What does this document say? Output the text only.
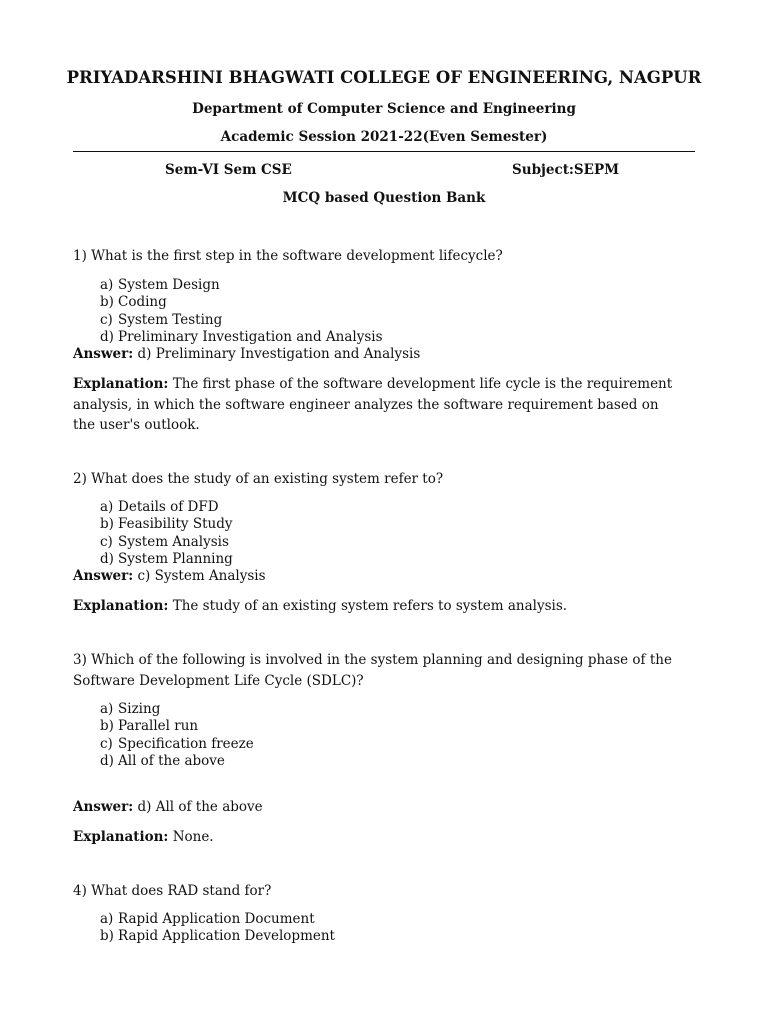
PRIYADARSHINI BHAGWATI COLLEGE OF ENGINEERING, NAGPUR
Department of Computer Science and Engineering
Academic Session 2021-22(Even Semester)
Sem-VI Sem CSE	Subject:SEPM
MCQ based Question Bank
1) What is the first step in the software development lifecycle?
a) System Design
b) Coding
c) System Testing
d) Preliminary Investigation and Analysis
Answer: d) Preliminary Investigation and Analysis
Explanation: The first phase of the software development life cycle is the requirement analysis, in which the software engineer analyzes the software requirement based on the user's outlook.
2) What does the study of an existing system refer to?
a) Details of DFD
b) Feasibility Study
c) System Analysis
d) System Planning
Answer: c) System Analysis
Explanation: The study of an existing system refers to system analysis.
3) Which of the following is involved in the system planning and designing phase of the
Software Development Life Cycle (SDLC)?
a) Sizing
b) Parallel run
c) Specification freeze
d) All of the above
Answer: d) All of the above
Explanation: None.
4) What does RAD stand for?
a) Rapid Application Document
b) Rapid Application Development
